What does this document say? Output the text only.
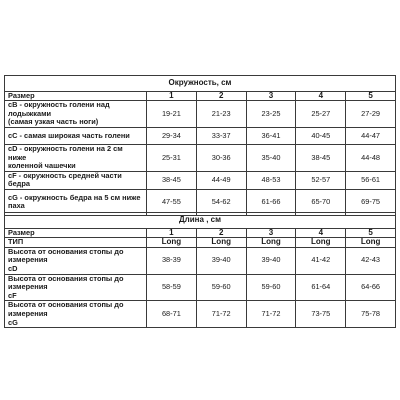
Окружность, см					
Размер	1	2	3	4	5
cB - окружность голени над лодыжками
(самая узкая часть ноги)	19-21	21-23	23-25	25-27	27-29
cC - самая широкая часть голени	29-34	33-37	36-41	40-45	44-47
cD - окружность голени на 2 см ниже
коленной чашечки	25-31	30-36	35-40	38-45	44-48
cF - окружность средней части бедра	38-45	44-49	48-53	52-57	56-61
cG - окружность бедра на 5 см ниже паха	47-55	54-62	61-66	65-70	69-75
Длина , см					
Размер	1	2	3	4	5
ТИП	Long	Long	Long	Long	Long
Высота от основания стопы до измерения
cD	38-39	39-40	39-40	41-42	42-43
Высота от основания стопы до измерения
cF	58-59	59-60	59-60	61-64	64-66
Высота от основания стопы до измерения
cG	68-71	71-72	71-72	73-75	75-78
